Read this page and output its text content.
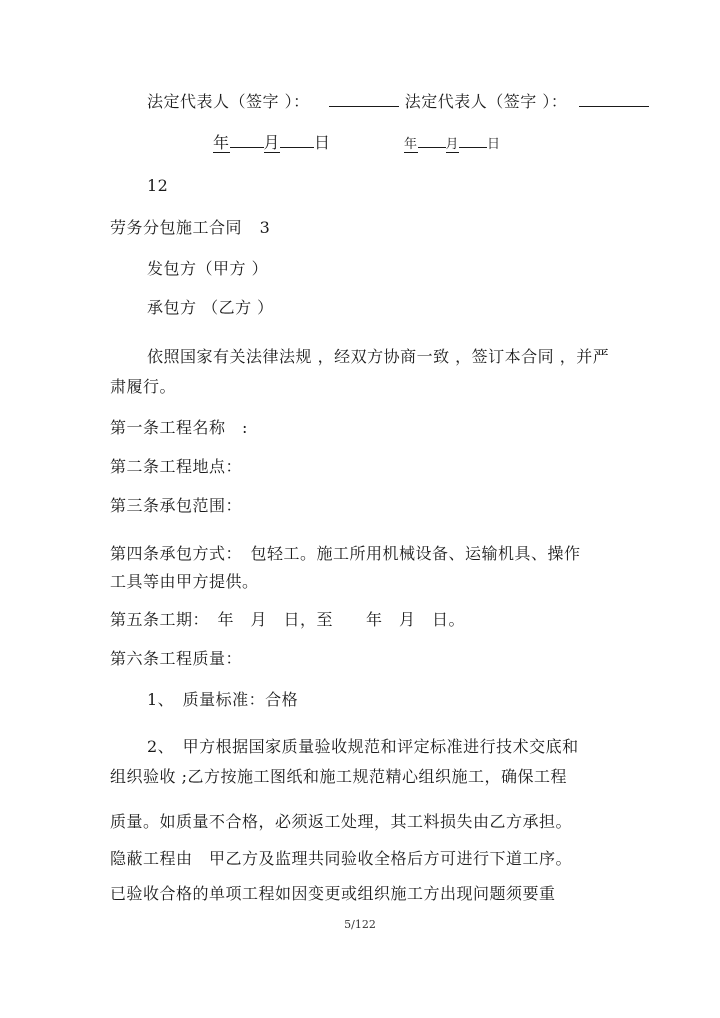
法定代表人（签字 ）：	法定代表人（签字 ）：
年 月 日	年 月 日
12
劳务分包施工合同 3
发包方（甲方 ）
承包方 （乙方 ）
依照国家有关法律法规 ，经双方协商一致 ，签订本合同 ，并严
肃履行。
第一条工程名称　:
第二条工程地点：
第三条承包范围：
第四条承包方式：　包轻工。施工所用机械设备、运输机具、操作
工具等由甲方提供。
第五条工期：　年　月　日，至　　年　月　日。
第六条工程质量：
1、　质量标准：合格
2、　甲方根据国家质量验收规范和评定标准进行技术交底和
组织验收 ;乙方按施工图纸和施工规范精心组织施工，确保工程
质量。如质量不合格，必须返工处理，其工料损失由乙方承担。
隐蔽工程由　甲乙方及监理共同验收全格后方可进行下道工序。
已验收合格的单项工程如因变更或组织施工方出现问题须要重
5/122
